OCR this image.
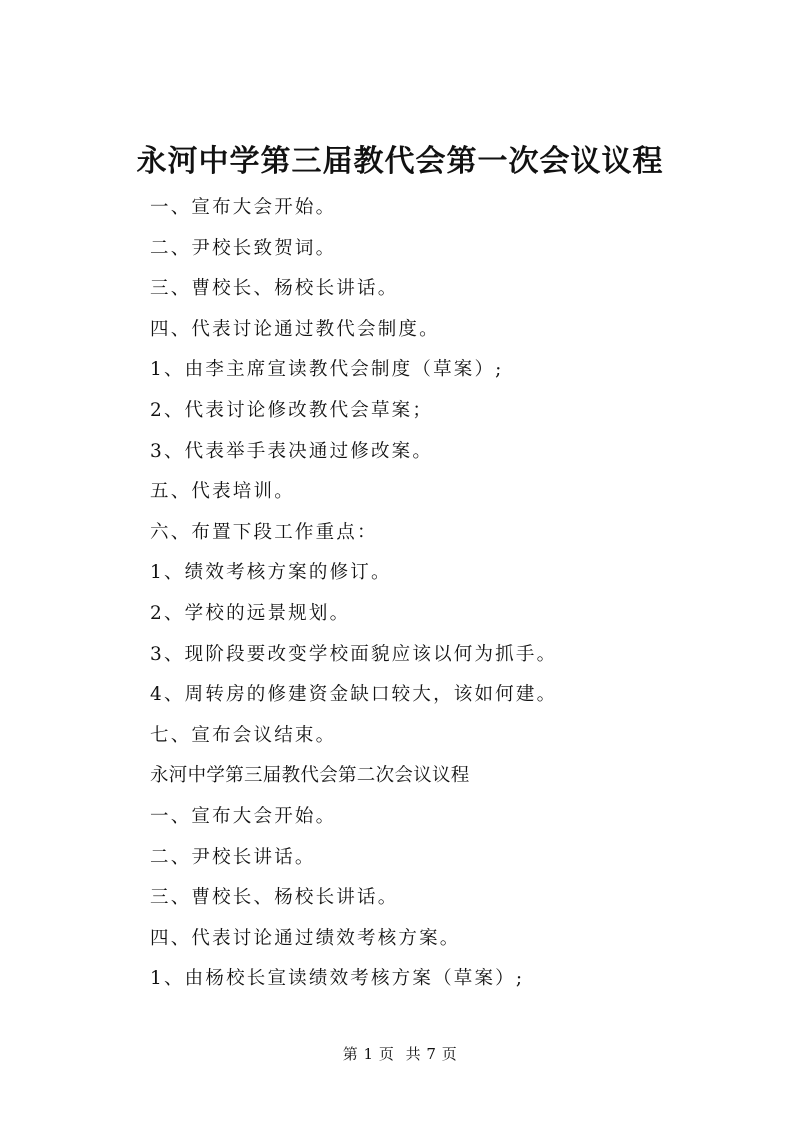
永河中学第三届教代会第一次会议议程
一、宣布大会开始。
二、尹校长致贺词。
三、曹校长、杨校长讲话。
四、代表讨论通过教代会制度。
1、由李主席宣读教代会制度（草案）;
2、代表讨论修改教代会草案；
3、代表举手表决通过修改案。
五、代表培训。
六、布置下段工作重点：
1、绩效考核方案的修订。
2、学校的远景规划。
3、现阶段要改变学校面貌应该以何为抓手。
4、周转房的修建资金缺口较大，该如何建。
七、宣布会议结束。
永河中学第三届教代会第二次会议议程
一、宣布大会开始。
二、尹校长讲话。
三、曹校长、杨校长讲话。
四、代表讨论通过绩效考核方案。
1、由杨校长宣读绩效考核方案（草案）;
第 1 页 共 7 页
